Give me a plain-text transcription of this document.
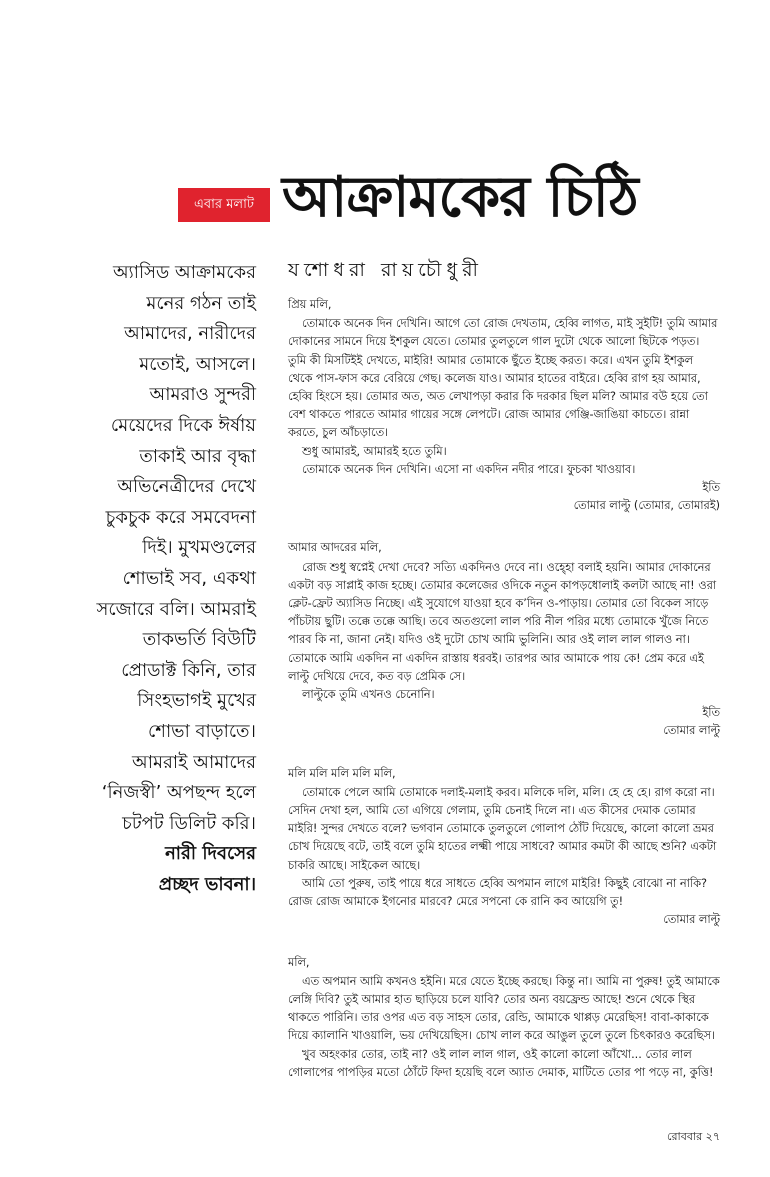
এবার মলাট আক্রামকের চিঠি
যশোধরা রায়চৌধুরী
অ্যাসিড আক্রামকের
মনের গঠন তাই
আমাদের, নারীদের
মতোই, আসলে।
আমরাও সুন্দরী
মেয়েদের দিকে ঈর্ষায়
তাকাই আর বৃদ্ধা
অভিনেত্রীদের দেখে
চুকচুক করে সমবেদনা
দিই। মুখমণ্ডলের
শোভাই সব, একথা
সজোরে বলি। আমরাই
তাকভর্তি বিউটি
প্রোডাক্ট কিনি, তার
সিংহভাগই মুখের
শোভা বাড়াতে।
আমরাই আমাদের
‘নিজস্বী’ অপছন্দ হলে
চটপট ডিলিট করি।
নারী দিবসের
প্রচ্ছদ ভাবনা।

প্রিয় মলি,

তোমাকে অনেক দিন দেখিনি। আগে তো রোজ দেখতাম, হেব্বি লাগত, মাই সুইটি! তুমি আমার দোকানের সামনে দিয়ে ইশকুল যেতে। তোমার তুলতুলে গাল দুটো থেকে আলো ছিটকে পড়ত। তুমি কী মিসটিইই দেখতে, মাইরি! আমার তোমাকে ছুঁতে ইচ্ছে করত। করে। এখন তুমি ইশকুল থেকে পাস-ফাস করে বেরিয়ে গেছ। কলেজ যাও। আমার হাতের বাইরে। হেব্বি রাগ হয় আমার, হেব্বি হিংসে হয়। তোমার অত, অত লেখাপড়া করার কি দরকার ছিল মলি? আমার বউ হয়ে তো বেশ থাকতে পারতে আমার গায়ের সঙ্গে লেপটে। রোজ আমার গেঞ্জি-জাঙিয়া কাচতে। রান্না করতে, চুল আঁচড়াতে।

শুধু আমারই, আমারই হতে তুমি।

তোমাকে অনেক দিন দেখিনি। এসো না একদিন নদীর পারে। ফুচকা খাওয়াব।

ইতি

তোমার লাল্টু (তোমার, তোমারই)

আমার আদরের মলি,

রোজ শুধু স্বপ্নেই দেখা দেবে? সত্যি একদিনও দেবে না। ওহ্হো বলাই হয়নি। আমার দোকানের একটা বড় সাপ্লাই কাজ হচ্ছে। তোমার কলেজের ওদিকে নতুন কাপড়ধোলাই কলটা আছে না! ওরা ক্লেট-ফ্রেট অ্যাসিড নিচ্ছে। এই সুযোগে যাওয়া হবে ক’দিন ও-পাড়ায়। তোমার তো বিকেল সাড়ে পাঁচটায় ছুটি। তক্কে তক্কে আছি। তবে অতগুলো লাল পরি নীল পরির মধ্যে তোমাকে খুঁজে নিতে পারব কি না, জানা নেই। যদিও ওই দুটো চোখ আমি ভুলিনি। আর ওই লাল লাল গালও না। তোমাকে আমি একদিন না একদিন রাস্তায় ধরবই। তারপর আর আমাকে পায় কে! প্রেম করে এই লাল্টু দেখিয়ে দেবে, কত বড় প্রেমিক সে।

লাল্টুকে তুমি এখনও চেনোনি।

ইতি

তোমার লাল্টু

মলি মলি মলি মলি মলি,

তোমাকে পেলে আমি তোমাকে দলাই-মলাই করব। মলিকে দলি, মলি। হে হে হে। রাগ করো না। সেদিন দেখা হল, আমি তো এগিয়ে গেলাম, তুমি চেনাই দিলে না। এত কীসের দেমাক তোমার মাইরি! সুন্দর দেখতে বলে? ভগবান তোমাকে তুলতুলে গোলাপ ঠোঁট দিয়েছে, কালো কালো ভ্রমর চোখ দিয়েছে বটে, তাই বলে তুমি হাতের লক্ষ্মী পায়ে সাধবে? আমার কমটা কী আছে শুনি? একটা চাকরি আছে। সাইকেল আছে।

আমি তো পুরুষ, তাই পায়ে ধরে সাধতে হেব্বি অপমান লাগে মাইরি! কিছুই বোঝো না নাকি? রোজ রোজ আমাকে ইগনোর মারবে? মেরে সপনো কে রানি কব আয়েগি তু!

তোমার লাল্টু

মলি,

এত অপমান আমি কখনও হইনি। মরে যেতে ইচ্ছে করছে। কিন্তু না। আমি না পুরুষ! তুই আমাকে লেঙ্গি দিবি? তুই আমার হাত ছাড়িয়ে চলে যাবি? তোর অন্য বয়ফ্রেন্ড আছে! শুনে থেকে স্থির থাকতে পারিনি। তার ওপর এত বড় সাহস তোর, রেন্ডি, আমাকে থাপ্পড় মেরেছিস! বাবা-কাকাকে দিয়ে ক্যালানি খাওয়ালি, ভয় দেখিয়েছিস। চোখ লাল করে আঙুল তুলে তুলে চিৎকারও করেছিস।

খুব অহংকার তোর, তাই না? ওই লাল লাল গাল, ওই কালো কালো আঁখো... তোর লাল গোলাপের পাপড়ির মতো ঠোঁটে ফিদা হয়েছি বলে অ্যাত দেমাক, মাটিতে তোর পা পড়ে না, কুত্তি!

রোববার ২৭
